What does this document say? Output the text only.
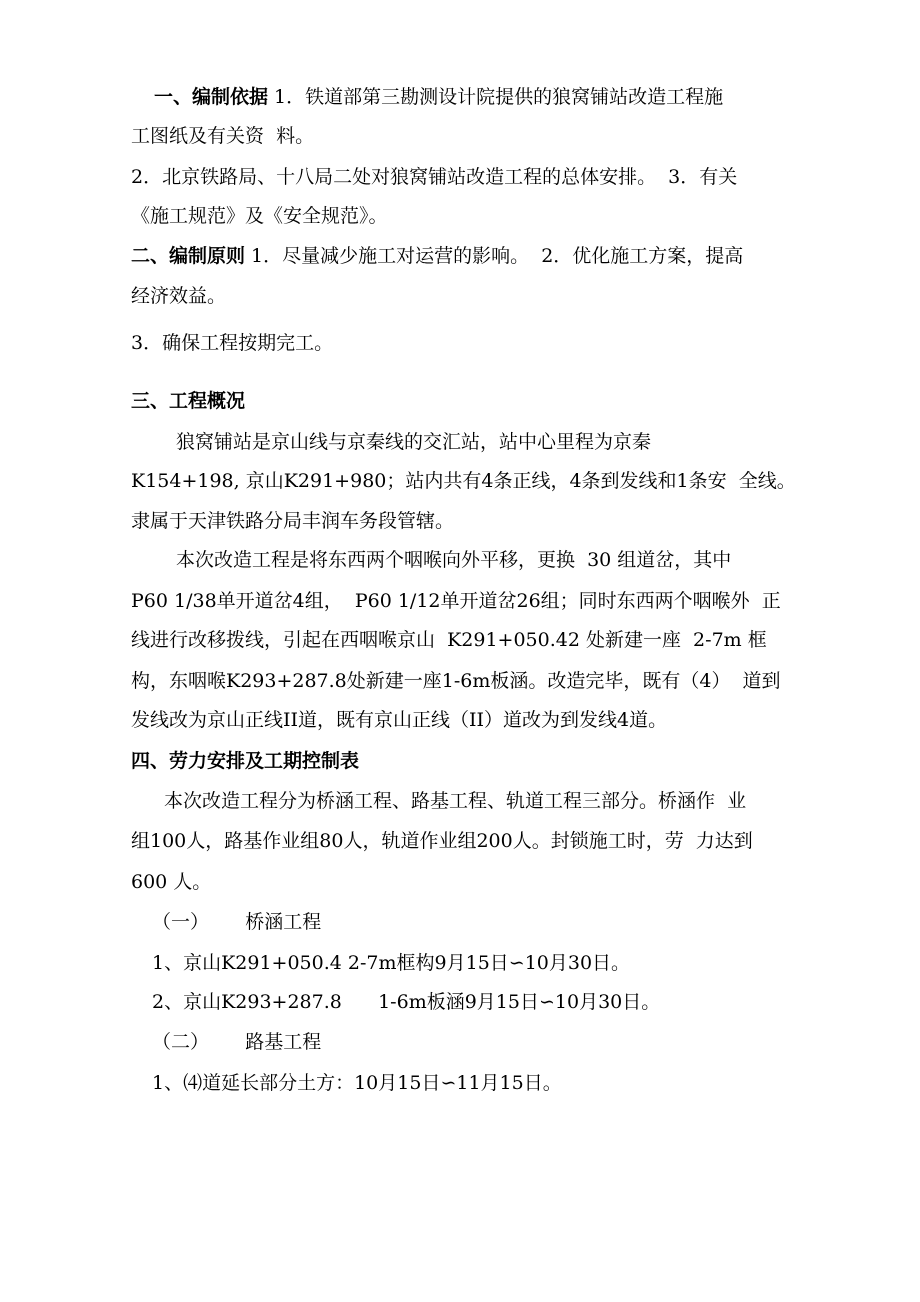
一、编制依据 1．铁道部第三勘测设计院提供的狼窝铺站改造工程施
工图纸及有关资  料。
2．北京铁路局、十八局二处对狼窝铺站改造工程的总体安排。  3．有关
《施工规范》及《安全规范》。
二、编制原则 1．尽量减少施工对运营的影响。  2．优化施工方案，提高
经济效益。
3．确保工程按期完工。
三、工程概况
狼窝铺站是京山线与京秦线的交汇站，站中心里程为京秦
K154+198, 京山K291+980；站内共有4条正线，4条到发线和1条安  全线。
隶属于天津铁路分局丰润车务段管辖。
本次改造工程是将东西两个咽喉向外平移，更换  30 组道岔，其中
P60 1/38单开道岔4组，  P60 1/12单开道岔26组；同时东西两个咽喉外  正
线进行改移拨线，引起在西咽喉京山  K291+050.42 处新建一座  2-7m 框
构，东咽喉K293+287.8处新建一座1-6m板涵。改造完毕，既有（4）  道到
发线改为京山正线II道，既有京山正线（II）道改为到发线4道。
四、劳力安排及工期控制表
本次改造工程分为桥涵工程、路基工程、轨道工程三部分。桥涵作  业
组100人，路基作业组80人，轨道作业组200人。封锁施工时，劳  力达到
600 人。
（一）      桥涵工程
1、京山K291+050.4 2-7m框构9月15日∽10月30日。
2、京山K293+287.8      1-6m板涵9月15日∽10月30日。
（二）      路基工程
1、⑷道延长部分土方：10月15日∽11月15日。
